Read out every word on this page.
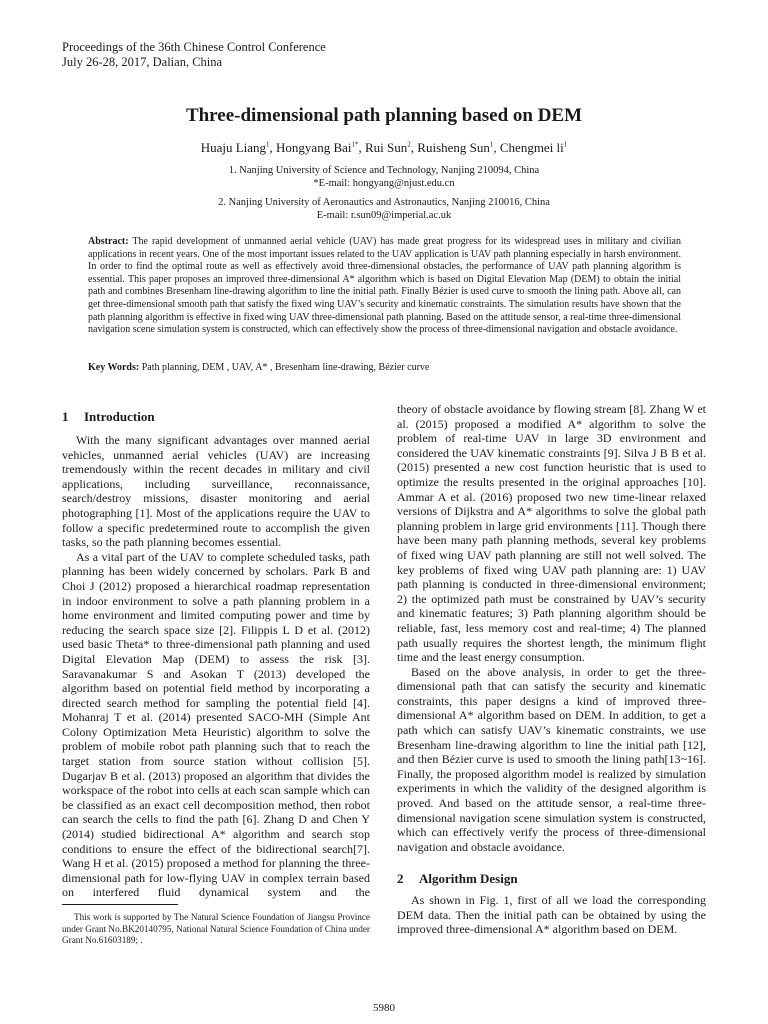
Proceedings of the 36th Chinese Control Conference
July 26-28, 2017, Dalian, China
Three-dimensional path planning based on DEM
Huaju Liang$^1$, Hongyang Bai$^{1*}$, Rui Sun$^2$, Ruisheng Sun$^1$, Chengmei $li^1$
1. Nanjing University of Science and Technology, Nanjing 210094, China
*E-mail: hongyang@njust.edu.cn
2. Nanjing University of Aeronautics and Astronautics, Nanjing 210016, China
E-mail: r.sun09@imperial.ac.uk
Abstract: The rapid development of unmanned aerial vehicle (UAV) has made great progress for its widespread uses in military and civilian applications in recent years. One of the most important issues related to the UAV application is UAV path planning especially in harsh environment. In order to find the optimal route as well as effectively avoid three-dimensional obstacles, the performance of UAV path planning algorithm is essential. This paper proposes an improved three-dimensional A* algorithm which is based on Digital Elevation Map (DEM) to obtain the initial path and combines Bresenham line-drawing algorithm to line the initial path. Finally Bézier is used curve to smooth the lining path. Above all, can get three-dimensional smooth path that satisfy the fixed wing UAV’s security and kinematic constraints. The simulation results have shown that the path planning algorithm is effective in fixed wing UAV three-dimensional path planning. Based on the attitude sensor, a real-time three-dimensional navigation scene simulation system is constructed, which can effectively show the process of three-dimensional navigation and obstacle avoidance.
Key Words: Path planning, DEM , UAV, A* , Bresenham line-drawing, Bézier curve
1 Introduction

With the many significant advantages over manned aerial vehicles, unmanned aerial vehicles (UAV) are increasing tremendously within the recent decades in military and civil applications, including surveillance, reconnaissance, search/destroy missions, disaster monitoring and aerial photographing [1]. Most of the applications require the UAV to follow a specific predetermined route to accomplish the given tasks, so the path planning becomes essential.

As a vital part of the UAV to complete scheduled tasks, path planning has been widely concerned by scholars. Park B and Choi J (2012) proposed a hierarchical roadmap representation in indoor environment to solve a path planning problem in a home environment and limited computing power and time by reducing the search space size [2]. Filippis L D et al. (2012) used basic Theta* to three-dimensional path planning and used Digital Elevation Map (DEM) to assess the risk [3]. Saravanakumar S and Asokan T (2013) developed the algorithm based on potential field method by incorporating a directed search method for sampling the potential field [4]. Mohanraj T et al. (2014) presented SACO-MH (Simple Ant Colony Optimization Meta Heuristic) algorithm to solve the problem of mobile robot path planning such that to reach the target station from source station without collision [5]. Dugarjav B et al. (2013) proposed an algorithm that divides the workspace of the robot into cells at each scan sample which can be classified as an exact cell decomposition method, then robot can search the cells to find the path [6]. Zhang D and Chen Y (2014) studied bidirectional A* algorithm and search stop conditions to ensure the effect of the bidirectional search[7]. Wang H et al. (2015) proposed a method for planning the three-dimensional path for low-flying UAV in complex terrain based on interfered fluid dynamical system and the

This work is supported by The Natural Science Foundation of Jiangsu Province under Grant No.BK20140795, National Natural Science Foundation of China under Grant No.61603189; .

theory of obstacle avoidance by flowing stream [8]. Zhang W et al. (2015) proposed a modified A* algorithm to solve the problem of real-time UAV in large 3D environment and considered the UAV kinematic constraints [9]. Silva J B B et al. (2015) presented a new cost function heuristic that is used to optimize the results presented in the original approaches [10]. Ammar A et al. (2016) proposed two new time-linear relaxed versions of Dijkstra and A* algorithms to solve the global path planning problem in large grid environments [11]. Though there have been many path planning methods, several key problems of fixed wing UAV path planning are still not well solved. The key problems of fixed wing UAV path planning are: 1) UAV path planning is conducted in three-dimensional environment; 2) the optimized path must be constrained by UAV’s security and kinematic features; 3) Path planning algorithm should be reliable, fast, less memory cost and real-time; 4) The planned path usually requires the shortest length, the minimum flight time and the least energy consumption.

Based on the above analysis, in order to get the three-dimensional path that can satisfy the security and kinematic constraints, this paper designs a kind of improved three-dimensional A* algorithm based on DEM. In addition, to get a path which can satisfy UAV’s kinematic constraints, we use Bresenham line-drawing algorithm to line the initial path [12], and then Bézier curve is used to smooth the lining path[13~16]. Finally, the proposed algorithm model is realized by simulation experiments in which the validity of the designed algorithm is proved. And based on the attitude sensor, a real-time three-dimensional navigation scene simulation system is constructed, which can effectively verify the process of three-dimensional navigation and obstacle avoidance.

2 Algorithm Design

As shown in Fig. 1, first of all we load the corresponding DEM data. Then the initial path can be obtained by using the improved three-dimensional A* algorithm based on DEM.

5980
